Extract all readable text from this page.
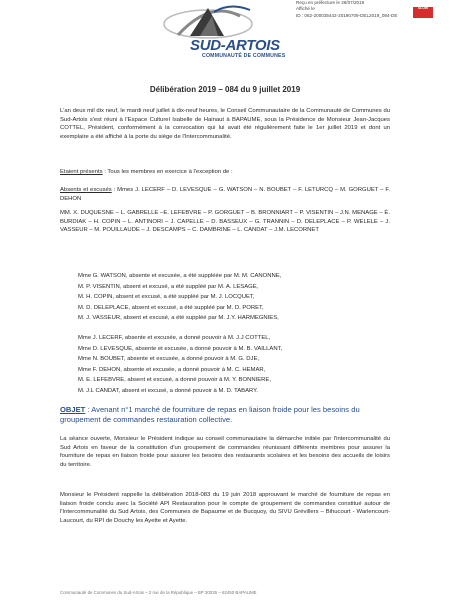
SUD-ARTOIS
COMMUNAUTÉ DE COMMUNES
Reçu en préfecture le 26/07/2019
Affiché le
ID : 062-200035442-20190709-DEL2019_084-DE
SLOW
Délibération 2019 – 084 du 9 juillet 2019
L'an deux mil dix neuf, le mardi neuf juillet à dix-neuf heures, le Conseil Communautaire de la Communauté de Communes du Sud-Artois s'est réuni à l'Espace Culturel Isabelle de Hainaut à BAPAUME, sous la Présidence de Monsieur Jean-Jacques COTTEL, Président, conformément à la convocation qui lui avait été régulièrement faite le 1er juillet 2019 et dont un exemplaire a été affiché à la porte du siège de l'Intercommunalité.
Etaient présents : Tous les membres en exercice à l'exception de :
Absents et excusés : Mmes J. LECERF – D. LEVESQUE – G. WATSON – N. BOUBET – F. LETURCQ – M. GORGUET – F. DEHON
MM. X. DUQUESNE – L. GABRELLE –E. LEFEBVRE – P. GORGUET – B. BRONNIART – P. VISENTIN – J.N. MENAGE – É. BURDIAK – H. COPIN – L. ANTINORI – J. CAPELLE – D. BASSEUX – G. TRANNIN – D. DELEPLACE – P. WELELE – J. VASSEUR – M. POUILLAUDE – J. DESCAMPS – C. DAMBRINE – L. CANDAT – J.M. LECORNET
Mme G. WATSON, absente et excusée, a été suppléée par M. M. CANONNE,
M. P. VISENTIN, absent et excusé, a été suppléé par M. A. LESAGE,
M. H. COPIN, absent et excusé, a été suppléé par M. J. LOCQUET,
M. D. DELEPLACE, absent et excusé, a été suppléé par M. D. PORET,
M. J. VASSEUR, absent et excusé, a été suppléé par M. J.Y. HARMEGNIES,
Mme J. LECERF, absente et excusée, a donné pouvoir à M. J.J COTTEL,
Mme D. LEVESQUE, absente et excusée, a donné pouvoir à M. B. VAILLANT,
Mme N. BOUBET, absente et excusée, a donné pouvoir à M. G. DJE,
Mme F. DEHON, absente et excusée, a donné pouvoir à M. C. HEMAR,
M. E. LEFEBVRE, absent et excusé, a donné pouvoir à M. Y. BONNIERE,
M. J.L CANDAT, absent et excusé, a donné pouvoir à M. D. TABARY.
OBJET : Avenant n°1 marché de fourniture de repas en liaison froide pour les besoins du groupement de commandes restauration collective.
La séance ouverte, Monsieur le Président indique au conseil communautaire la démarche initiée par l'intercommunalité du Sud Artois en faveur de la constitution d'un groupement de commandes réunissant différents membres pour assurer la fourniture de repas en liaison froide pour assurer les besoins des restaurants scolaires et les besoins des accueils de loisirs du territoire.
Monsieur le Président rappelle la délibération 2018-083 du 19 juin 2018 approuvant le marché de fourniture de repas en liaison froide conclu avec la Société API Restauration pour le compte de groupement de commandes constitué autour de l'Intercommunalité du Sud Artois, des Communes de Bapaume et de Bucquoy, du SIVU Grévillers – Bihucourt - Warlencourt-Laucourt, du RPI de Douchy les Ayette et Ayette.
Communauté de Communes du Sud-Artois – 2 rue de la République – BP 30026 – 62450 BAPAUME
